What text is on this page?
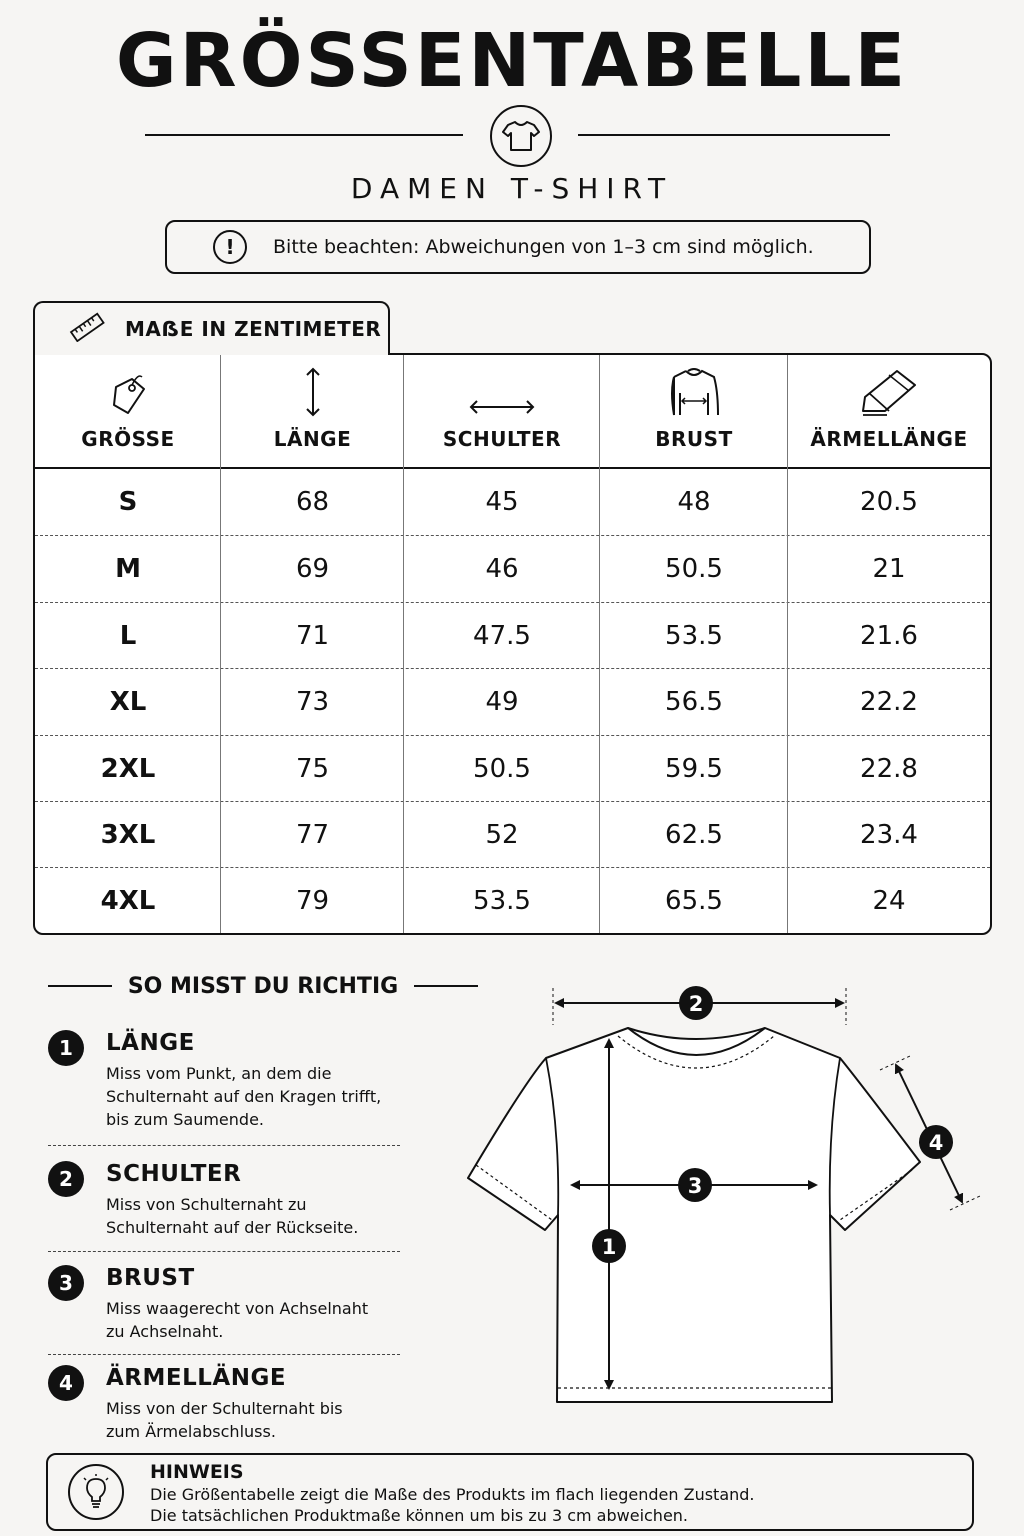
GRÖSSENTABELLE
DAMEN T-SHIRT
!	Bitte beachten: Abweichungen von 1–3 cm sind möglich.
MAẞE IN ZENTIMETER
GRÖSSE	LÄNGE	SCHULTER	BRUST	ÄRMELLÄNGE
S	68	45	48	20.5
M	69	46	50.5	21
L	71	47.5	53.5	21.6
XL	73	49	56.5	22.2
2XL	75	50.5	59.5	22.8
3XL	77	52	62.5	23.4
4XL	79	53.5	65.5	24
SO MISST DU RICHTIG
1	LÄNGE
Miss vom Punkt, an dem die
Schulternaht auf den Kragen trifft,
bis zum Saumende.
2	SCHULTER
Miss von Schulternaht zu
Schulternaht auf der Rückseite.
3	BRUST
Miss waagerecht von Achselnaht
zu Achselnaht.
4	ÄRMELLÄNGE
Miss von der Schulternaht bis
zum Ärmelabschluss.
2
3
1
4
HINWEIS
Die Größentabelle zeigt die Maße des Produkts im flach liegenden Zustand.
Die tatsächlichen Produktmaße können um bis zu 3 cm abweichen.
